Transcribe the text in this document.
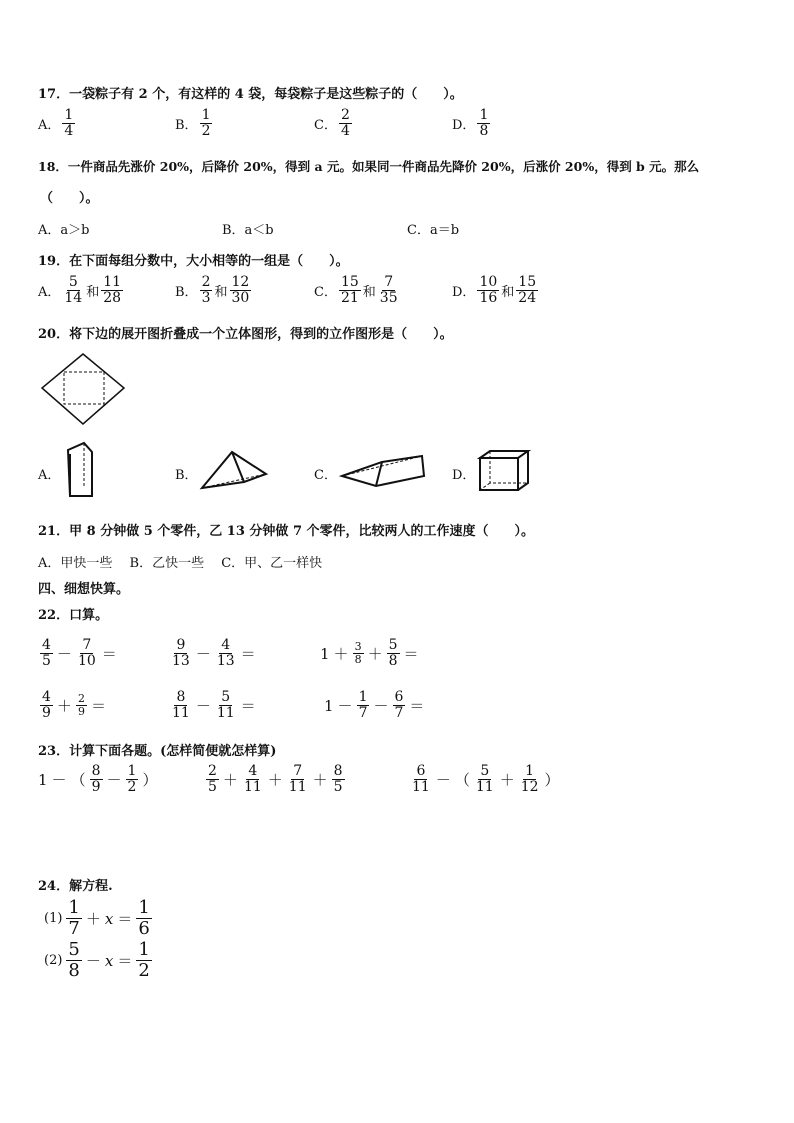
17．一袋粽子有 2 个，有这样的 4 袋，每袋粽子是这些粽子的（　　）。
A． $\frac{1}{4}$	B． $\frac{1}{2}$	C． $\frac{2}{4}$	D． $\frac{1}{8}$
18．一件商品先涨价 20%，后降价 20%，得到 a 元。如果同一件商品先降价 20%，后涨价 20%，得到 b 元。那么
（　　）。
A．a＞b	B．a＜b	C．a＝b
19．在下面每组分数中，大小相等的一组是（　　）。
A． $\frac{5}{14}$ 和 $\frac{11}{28}$	B． $\frac{2}{3}$ 和 $\frac{12}{30}$	C． $\frac{15}{21}$ 和 $\frac{7}{35}$	D． $\frac{10}{16}$ 和 $\frac{15}{24}$
20．将下边的展开图折叠成一个立体图形，得到的立作图形是（　　）。
A．	B．	C．	D．
21．甲 8 分钟做 5 个零件，乙 13 分钟做 7 个零件，比较两人的工作速度（　　）。
A．甲快一些　 B．乙快一些　 C．甲、乙一样快
四、细想快算。
22．口算。
$\frac{4}{5} - \frac{7}{10}$ ＝	$\frac{9}{13} - \frac{4}{13}$ ＝	$1 + \frac{3}{8} + \frac{5}{8}$ ＝
$\frac{4}{9} + \frac{2}{9}$ ＝	$\frac{8}{11} - \frac{5}{11}$ ＝	$1 - \frac{1}{7} - \frac{6}{7}$ ＝
23．计算下面各题。(怎样简便就怎样算)
1 － （ $\frac{8}{9} - \frac{1}{2}$ ）	$\frac{2}{5} + \frac{4}{11} + \frac{7}{11} + \frac{8}{5}$	$\frac{6}{11}$ － （ $\frac{5}{11} + \frac{1}{12}$ ）
24．解方程.
$(1) \frac{1}{7} + x = \frac{1}{6}$
$(2) \frac{5}{8} - x = \frac{1}{2}$
